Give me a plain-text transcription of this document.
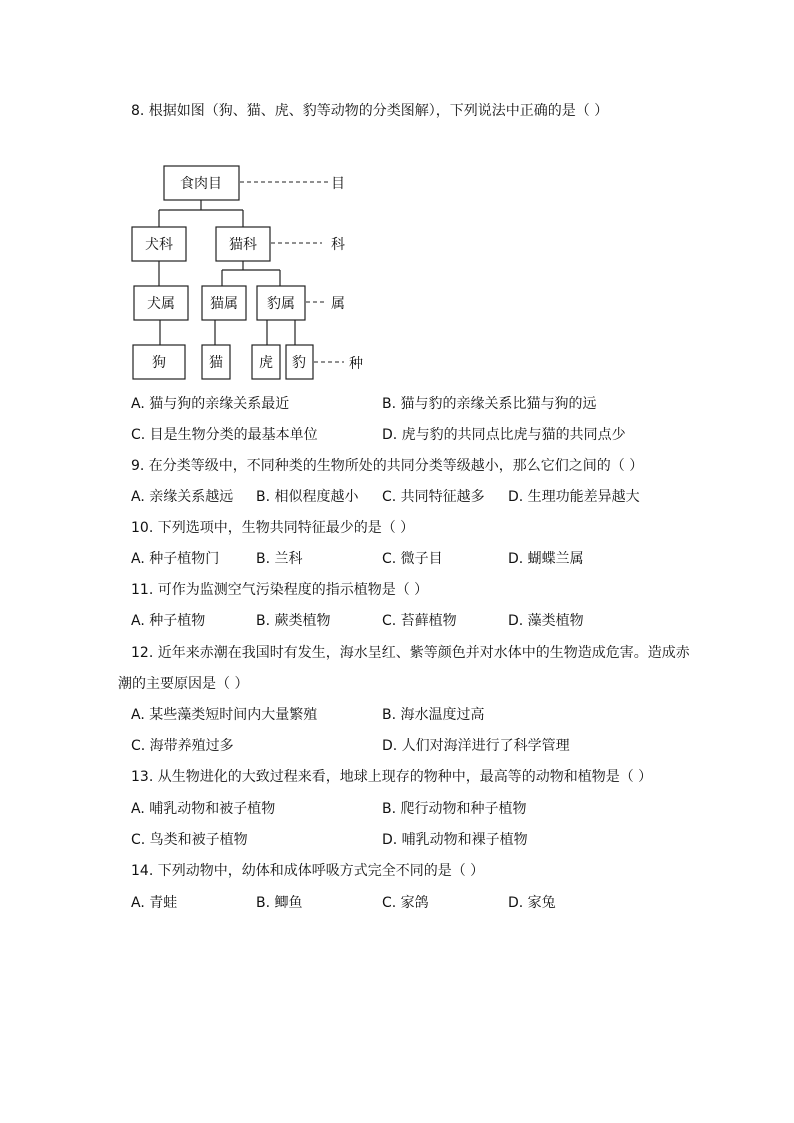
8. 根据如图（狗、猫、虎、豹等动物的分类图解），下列说法中正确的是（ ）
食肉目
犬科	猫科
犬属	猫属 豹属
狗	猫	虎 豹
目
科
属
种
A. 猫与狗的亲缘关系最近	B. 猫与豹的亲缘关系比猫与狗的远
C. 目是生物分类的最基本单位	D. 虎与豹的共同点比虎与猫的共同点少
9. 在分类等级中，不同种类的生物所处的共同分类等级越小，那么它们之间的（ ）
A. 亲缘关系越远 B. 相似程度越小 C. 共同特征越多 D. 生理功能差异越大
10. 下列选项中，生物共同特征最少的是（ ）
A. 种子植物门	B. 兰科	C. 微子目	D. 蝴蝶兰属
11. 可作为监测空气污染程度的指示植物是（ ）
A. 种子植物	B. 蕨类植物	C. 苔藓植物	D. 藻类植物
12. 近年来赤潮在我国时有发生，海水呈红、紫等颜色并对水体中的生物造成危害。造成赤
潮的主要原因是（ ）
A. 某些藻类短时间内大量繁殖	B. 海水温度过高
C. 海带养殖过多	D. 人们对海洋进行了科学管理
13. 从生物进化的大致过程来看，地球上现存的物种中，最高等的动物和植物是（ ）
A. 哺乳动物和被子植物	B. 爬行动物和种子植物
C. 鸟类和被子植物	D. 哺乳动物和裸子植物
14. 下列动物中，幼体和成体呼吸方式完全不同的是（ ）
A. 青蛙	B. 鲫鱼	C. 家鸽	D. 家兔
